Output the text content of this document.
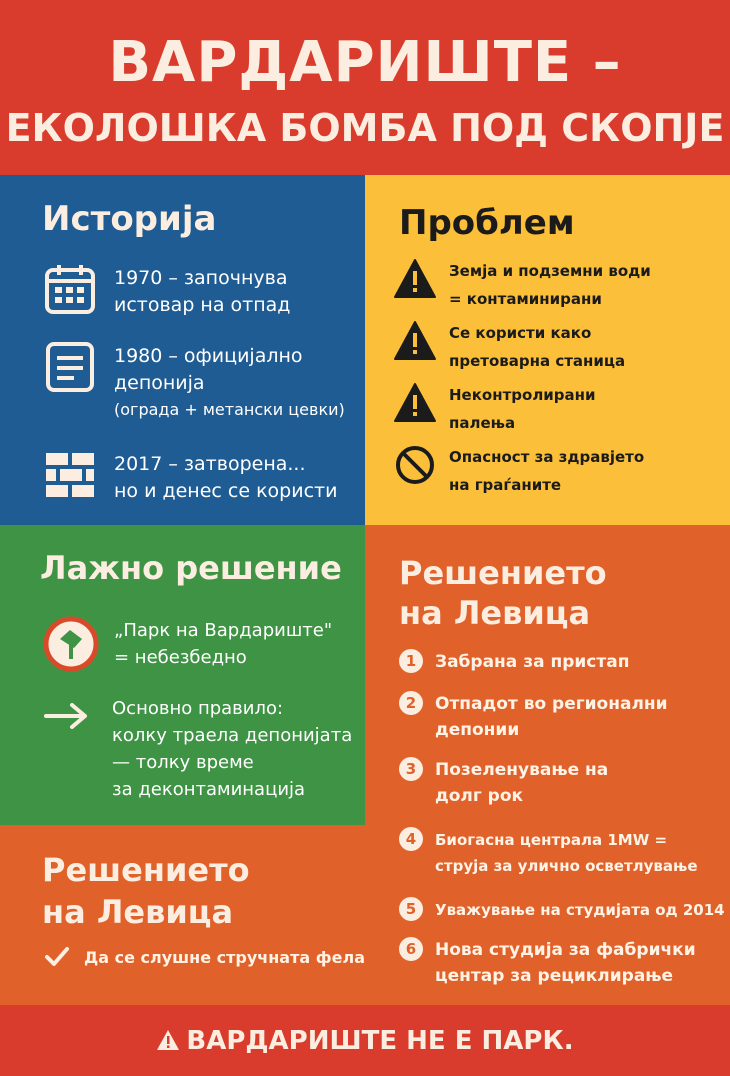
ВАРДАРИШТЕ –
ЕКОЛОШКА БОМБА ПОД СКОПЈЕ
Историја
1970 – започнува
истовар на отпад
1980 – официјално
депонија
(ограда + метански цевки)
2017 – затворена...
но и денес се користи
Проблем
Земја и подземни води
= контаминирани
Се користи како
претоварна станица
Неконтролирани
палења
Опасност за здравјето
на граѓаните
Лажно решение
„Парк на Вардариште"
= небезбедно
Основно правило:
колку траела депонијата
— толку време
за деконтаминација
Решението
на Левица
1	Забрана за пристап
2	Отпадот во регионални
депонии
3	Позеленување на
долг рок
4	Биогасна централа 1MW =
струја за улично осветлување
5	Уважување на студијата од 2014
6	Нова студија за фабрички
центар за рециклирање
Решението
на Левица
Да се слушне стручната фела
ВАРДАРИШТЕ НЕ Е ПАРК.
